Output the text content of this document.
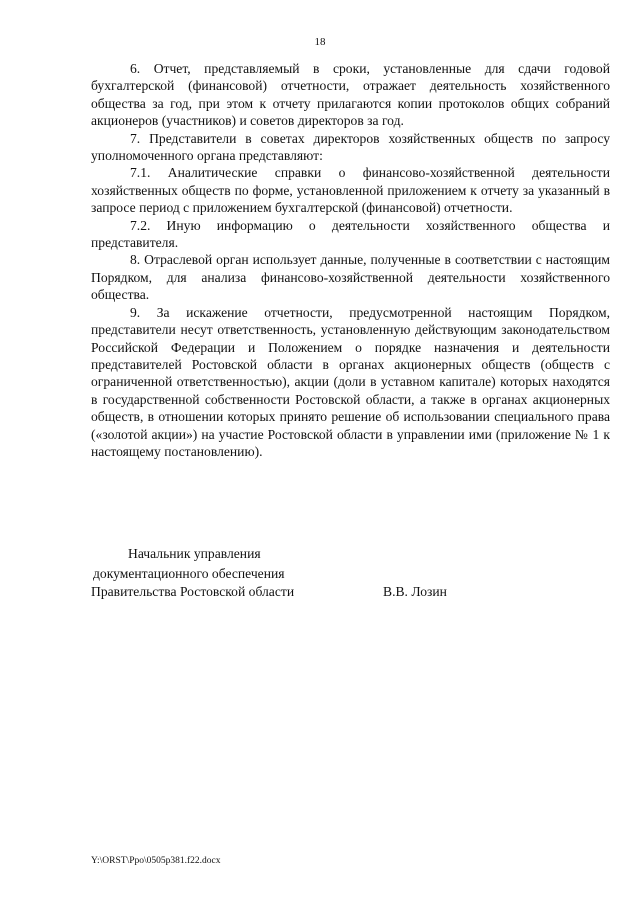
18

6. Отчет, представляемый в сроки, установленные для сдачи годовой бухгалтерской (финансовой) отчетности, отражает деятельность хозяйственного общества за год, при этом к отчету прилагаются копии протоколов общих собраний акционеров (участников) и советов директоров за год.

7. Представители в советах директоров хозяйственных обществ по запросу уполномоченного органа представляют:

7.1. Аналитические справки о финансово-хозяйственной деятельности хозяйственных обществ по форме, установленной приложением к отчету за указанный в запросе период с приложением бухгалтерской (финансовой) отчетности.

7.2. Иную информацию о деятельности хозяйственного общества и представителя.

8. Отраслевой орган использует данные, полученные в соответствии с настоящим Порядком, для анализа финансово-хозяйственной деятельности хозяйственного общества.

9. За искажение отчетности, предусмотренной настоящим Порядком, представители несут ответственность, установленную действующим законодательством Российской Федерации и Положением о порядке назначения и деятельности представителей Ростовской области в органах акционерных обществ (обществ с ограниченной ответственностью), акции (доли в уставном капитале) которых находятся в государственной собственности Ростовской области, а также в органах акционерных обществ, в отношении которых принято решение об использовании специального права («золотой акции») на участие Ростовской области в управлении ими (приложение № 1 к настоящему постановлению).

Начальник управления
документационного обеспечения
Правительства Ростовской области	В.В. Лозин
Y:\ORST\Ppo\0505p381.f22.docx
